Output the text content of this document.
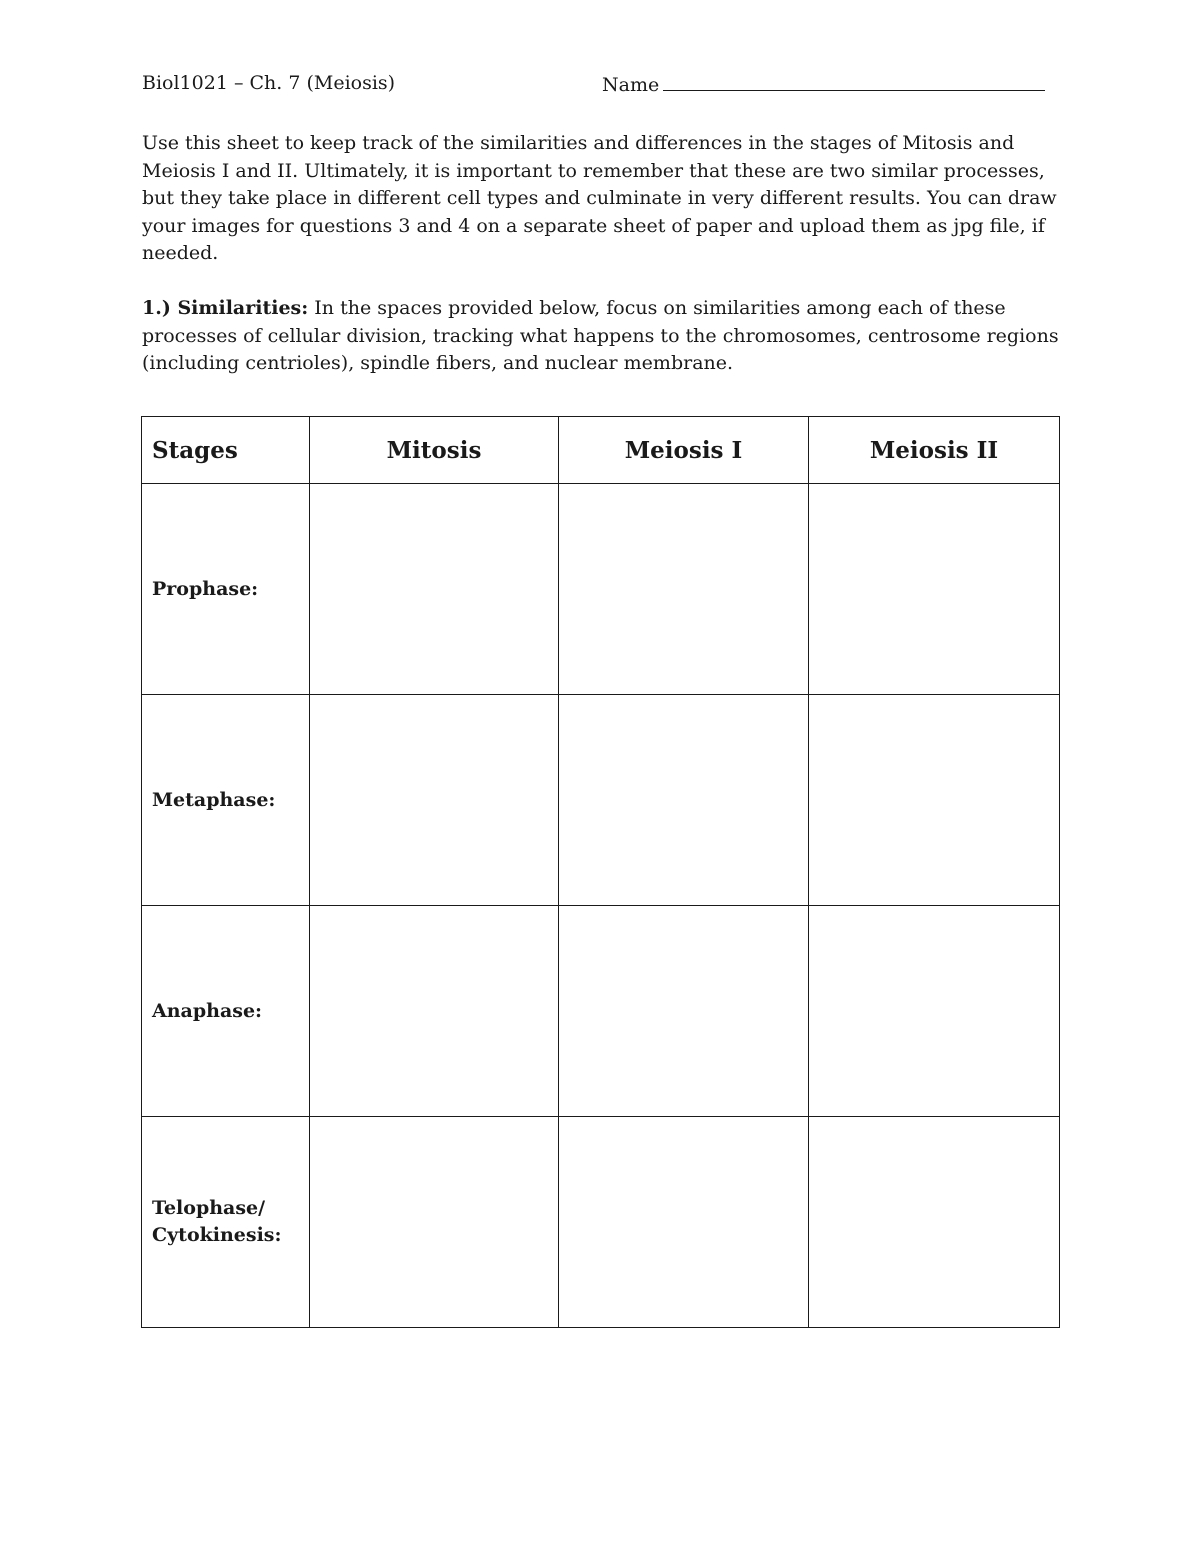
Biol1021 – Ch. 7 (Meiosis)	Name

Use this sheet to keep track of the similarities and differences in the stages of Mitosis and Meiosis I and II. Ultimately, it is important to remember that these are two similar processes, but they take place in different cell types and culminate in very different results. You can draw your images for questions 3 and 4 on a separate sheet of paper and upload them as jpg file, if needed.

1.) Similarities: In the spaces provided below, focus on similarities among each of these processes of cellular division, tracking what happens to the chromosomes, centrosome regions (including centrioles), spindle fibers, and nuclear membrane.

Stages	Mitosis	Meiosis I	Meiosis II

Prophase:			

Metaphase:			

Anaphase:			

Telophase/
Cytokinesis:			
